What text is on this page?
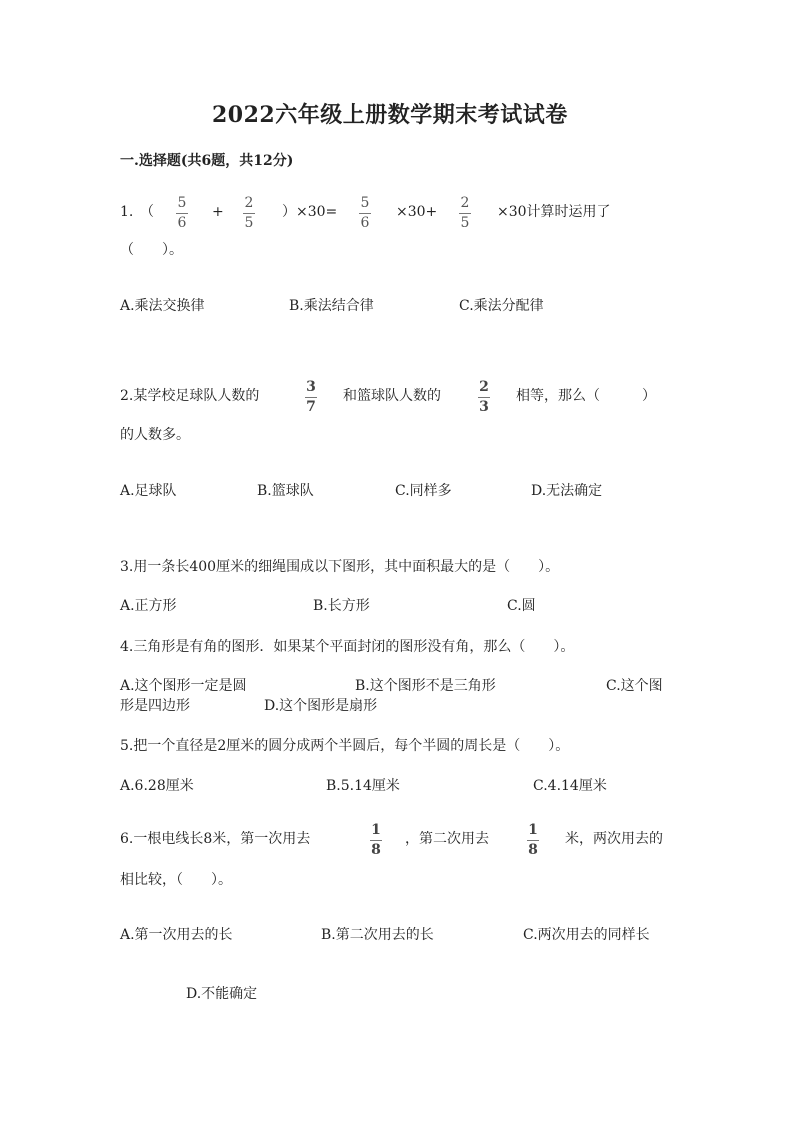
2022六年级上册数学期末考试试卷
一.选择题(共6题，共12分)
1. （
5
6
+
2
5
）×30=
5
6
×30+
2
5
×30计算时运用了
（　　）。
A.乘法交换律	B.乘法结合律	C.乘法分配律
2.某学校足球队人数的
3
7
和篮球队人数的
2
3
相等，那么（　　　）
的人数多。
A.足球队	B.篮球队	C.同样多	D.无法确定
3.用一条长400厘米的细绳围成以下图形，其中面积最大的是（　　）。
A.正方形	B.长方形	C.圆
4.三角形是有角的图形．如果某个平面封闭的图形没有角，那么（　　）。
A.这个图形一定是圆	B.这个图形不是三角形	C.这个图
形是四边形	D.这个图形是扇形
5.把一个直径是2厘米的圆分成两个半圆后，每个半圆的周长是（　　）。
A.6.28厘米	B.5.14厘米	C.4.14厘米
6.一根电线长8米，第一次用去
1
8
，第二次用去
1
8
米，两次用去的
相比较，（　　）。
A.第一次用去的长	B.第二次用去的长	C.两次用去的同样长
D.不能确定
